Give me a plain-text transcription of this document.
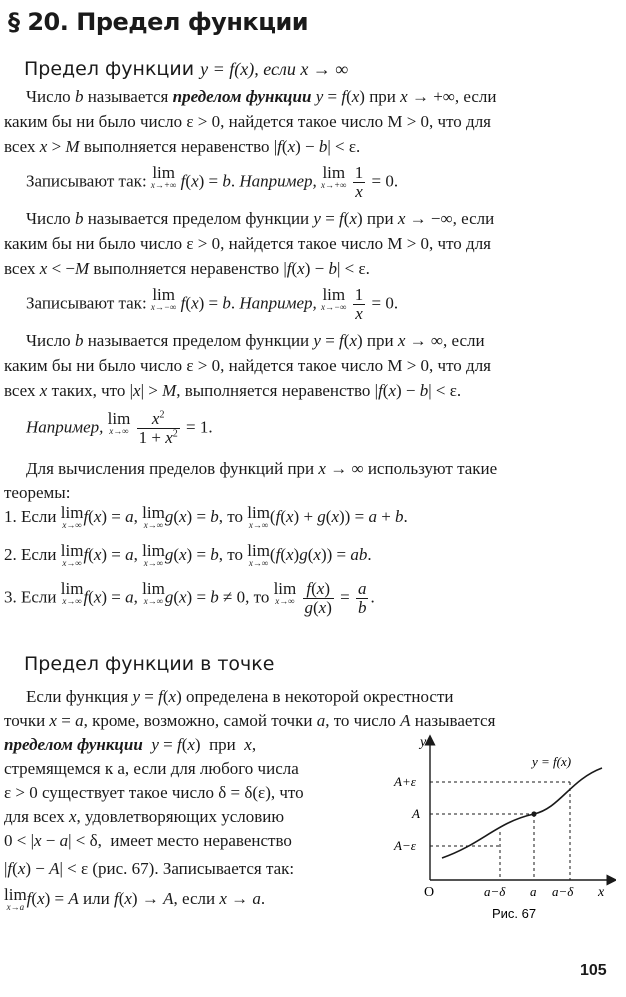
§ 20. Предел функции
Предел функции y = f(x), если x → ∞
Число b называется пределом функции y = f(x) при x → +∞, если
каким бы ни было число ε > 0, найдется такое число M > 0, что для
всех x > M выполняется неравенство |f(x) − b| < ε.
Записывают так: lim
x→+∞ f(x) = b. Например, lim
x→+∞
$\frac{1}{x} = 0$.
Число b называется пределом функции y = f(x) при x → −∞, если
каким бы ни было число ε > 0, найдется такое число M > 0, что для
всех x < −M выполняется неравенство |f(x) − b| < ε.
Записывают так: lim
x→−∞ f(x) = b. Например, lim
x→−∞
$\frac{1}{x} = 0$.
Число b называется пределом функции y = f(x) при x → ∞, если
каким бы ни было число ε > 0, найдется такое число M > 0, что для
всех x таких, что |x| > M, выполняется неравенство |f(x) − b| < ε.
Например, lim
x→∞
$\frac{x^2}{1 + x^2} = 1$.
Для вычисления пределов функций при x → ∞ используют такие
теоремы:
1. Если lim
x→∞ f(x) = a, lim
x→∞ g(x) = b, то lim
x→∞ (f(x) + g(x)) = a + b.
2. Если lim
x→∞ f(x) = a, lim
x→∞ g(x) = b, то lim
x→∞ (f(x)g(x)) = ab.
3. Если lim
x→∞ f(x) = a, lim
x→∞ g(x) = b ≠ 0, то lim
x→∞
$\frac{f(x)}{g(x)} = \frac{a}{b}$ .
Предел функции в точке
Если функция y = f(x) определена в некоторой окрестности
точки x = a, кроме, возможно, самой точки a, то число A называется
пределом функции y = f(x)  при  x,
стремящемся к a, если для любого числа
ε > 0 существует такое число δ = δ(ε), что
для всех x, удовлетворяющих условию
0 < |x − a| < δ,  имеет место неравенство
|f(x) − A| < ε (рис. 67). Записывается так:
lim
x→a f(x) = A или f(x) → A, если x → a.
y
x
O
y = f(x)
A+ε
A
A−ε
a−δ a a−δ
Рис. 67
105
